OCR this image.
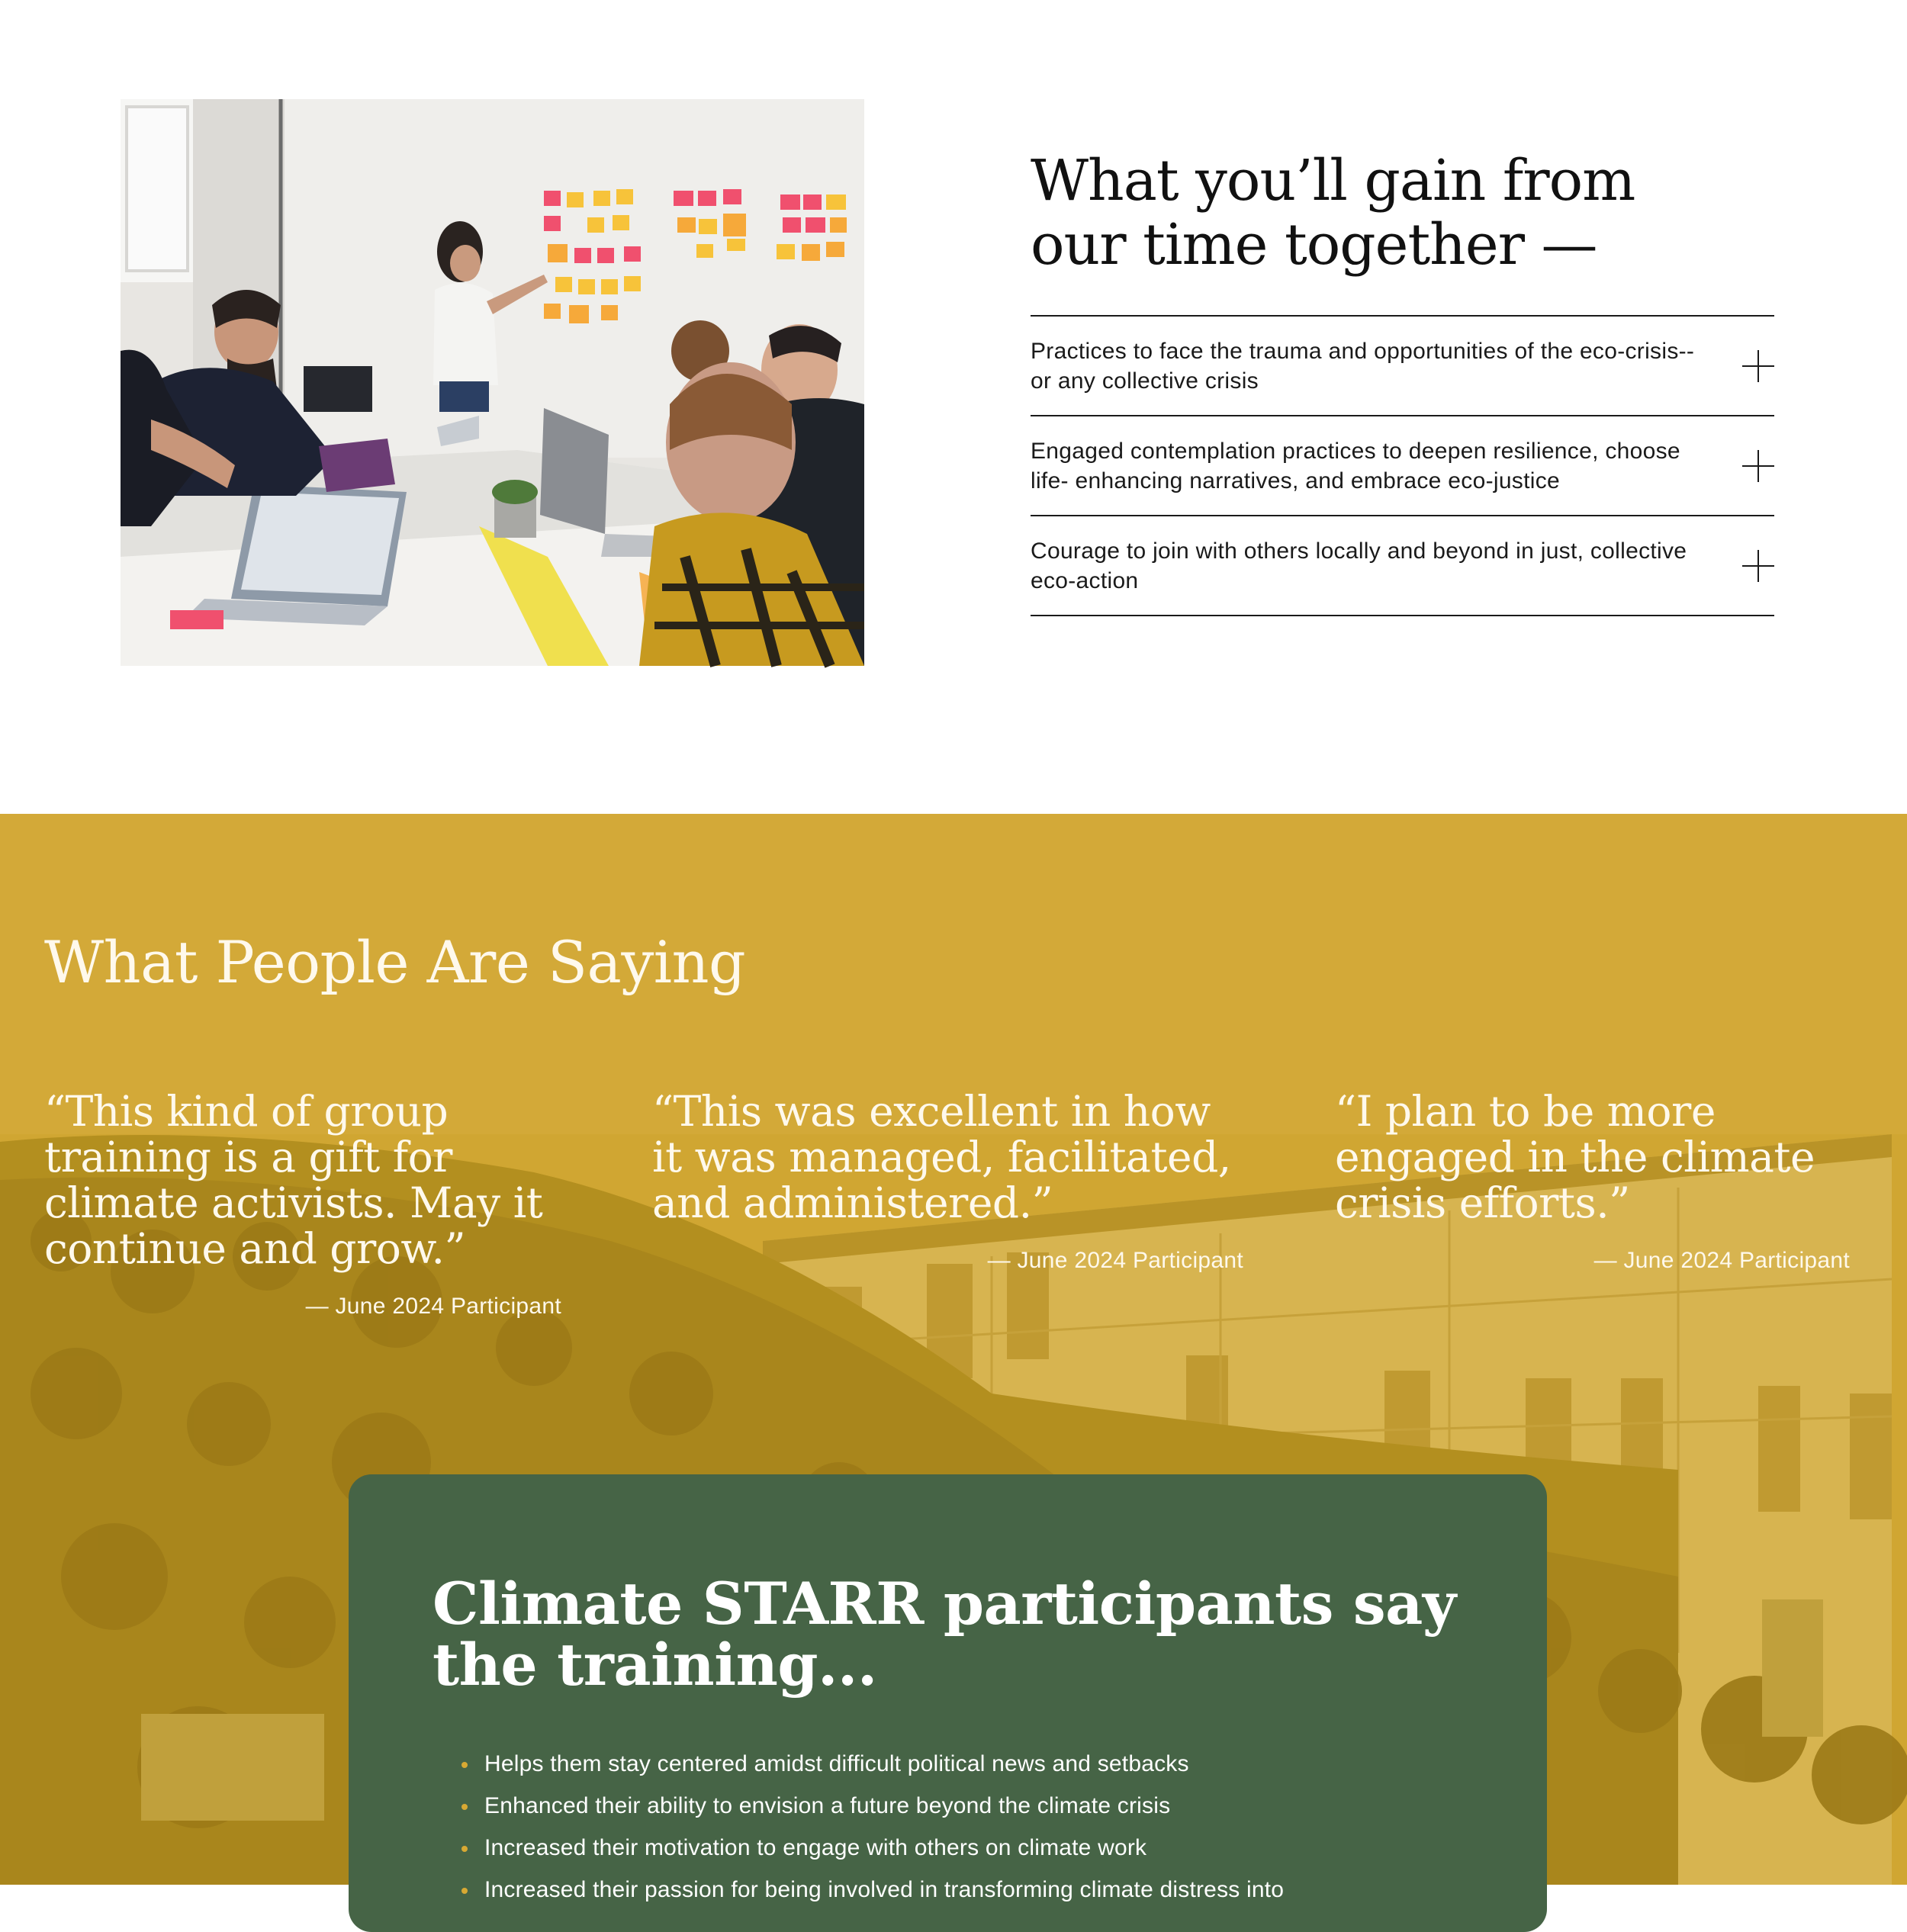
What you’ll gain from our time together —

Practices to face the trauma and opportunities of the eco-crisis--or any collective crisis

Engaged contemplation practices to deepen resilience, choose life- enhancing narratives, and embrace eco-justice

Courage to join with others locally and beyond in just, collective eco-action

What People Are Saying
“This kind of group training is a gift for climate activists. May it continue and grow.”
— June 2024 Participant
“This was excellent in how it was managed, facilitated, and administered.”
— June 2024 Participant
“I plan to be more engaged in the climate crisis efforts.”
— June 2024 Participant
Climate STARR participants say the training...
Helps them stay centered amidst difficult political news and setbacks
Enhanced their ability to envision a future beyond the climate crisis
Increased their motivation to engage with others on climate work
Increased their passion for being involved in transforming climate distress into
